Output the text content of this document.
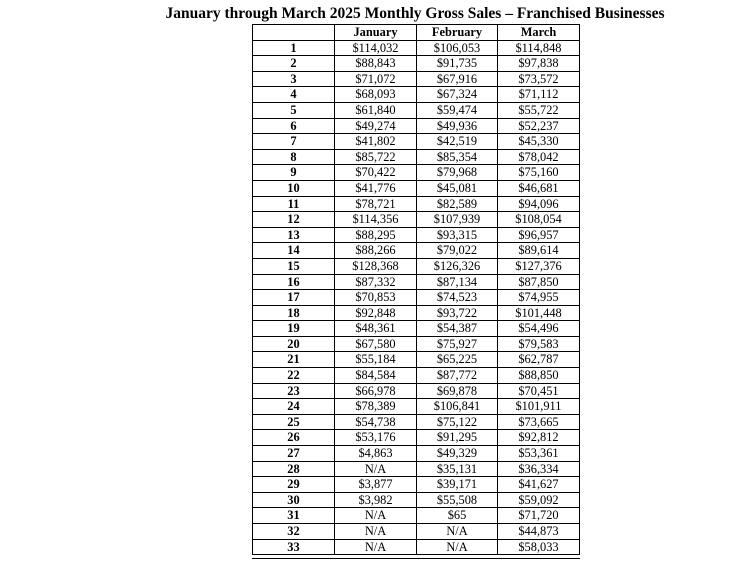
January through March 2025 Monthly Gross Sales – Franchised Businesses
	January	February	March
1	$114,032	$106,053	$114,848
2	$88,843	$91,735	$97,838
3	$71,072	$67,916	$73,572
4	$68,093	$67,324	$71,112
5	$61,840	$59,474	$55,722
6	$49,274	$49,936	$52,237
7	$41,802	$42,519	$45,330
8	$85,722	$85,354	$78,042
9	$70,422	$79,968	$75,160
10	$41,776	$45,081	$46,681
11	$78,721	$82,589	$94,096
12	$114,356	$107,939	$108,054
13	$88,295	$93,315	$96,957
14	$88,266	$79,022	$89,614
15	$128,368	$126,326	$127,376
16	$87,332	$87,134	$87,850
17	$70,853	$74,523	$74,955
18	$92,848	$93,722	$101,448
19	$48,361	$54,387	$54,496
20	$67,580	$75,927	$79,583
21	$55,184	$65,225	$62,787
22	$84,584	$87,772	$88,850
23	$66,978	$69,878	$70,451
24	$78,389	$106,841	$101,911
25	$54,738	$75,122	$73,665
26	$53,176	$91,295	$92,812
27	$4,863	$49,329	$53,361
28	N/A	$35,131	$36,334
29	$3,877	$39,171	$41,627
30	$3,982	$55,508	$59,092
31	N/A	$65	$71,720
32	N/A	N/A	$44,873
33	N/A	N/A	$58,033
